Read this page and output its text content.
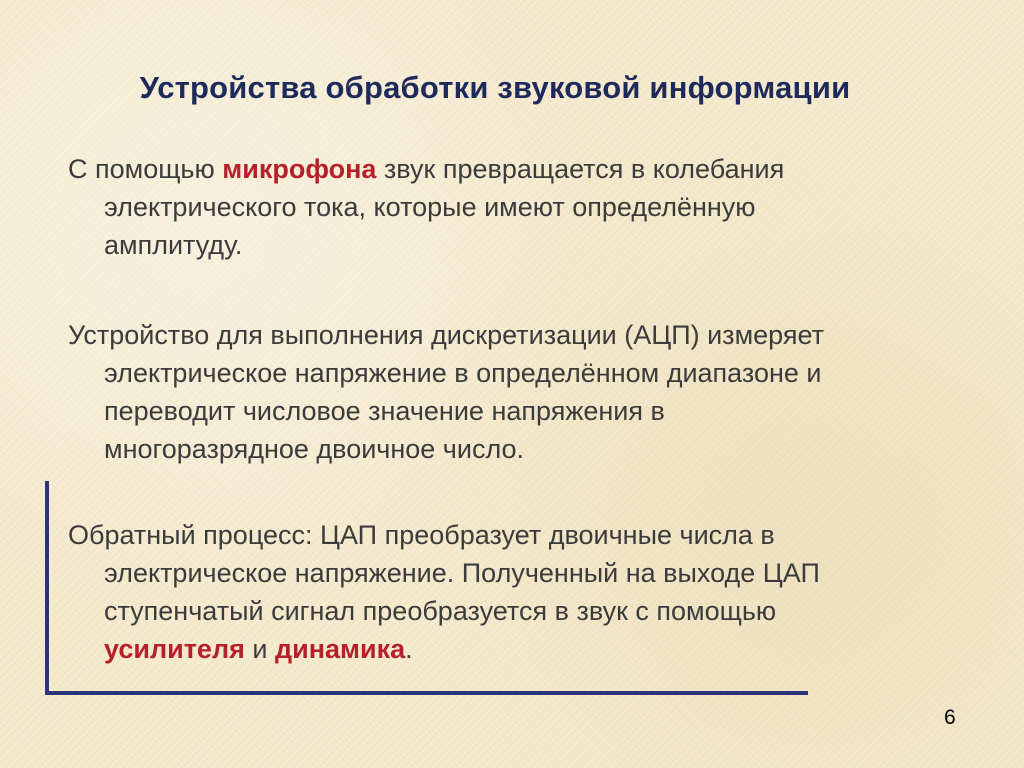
Устройства обработки звуковой информации
С помощью микрофона звук превращается в колебания
электрического тока, которые имеют определённую
амплитуду.
Устройство для выполнения дискретизации (АЦП) измеряет
электрическое напряжение в определённом диапазоне и
переводит числовое значение напряжения в
многоразрядное двоичное число.
Обратный процесс: ЦАП преобразует двоичные числа в
электрическое напряжение. Полученный на выходе ЦАП
ступенчатый сигнал преобразуется в звук с помощью
усилителя и динамика.
6
